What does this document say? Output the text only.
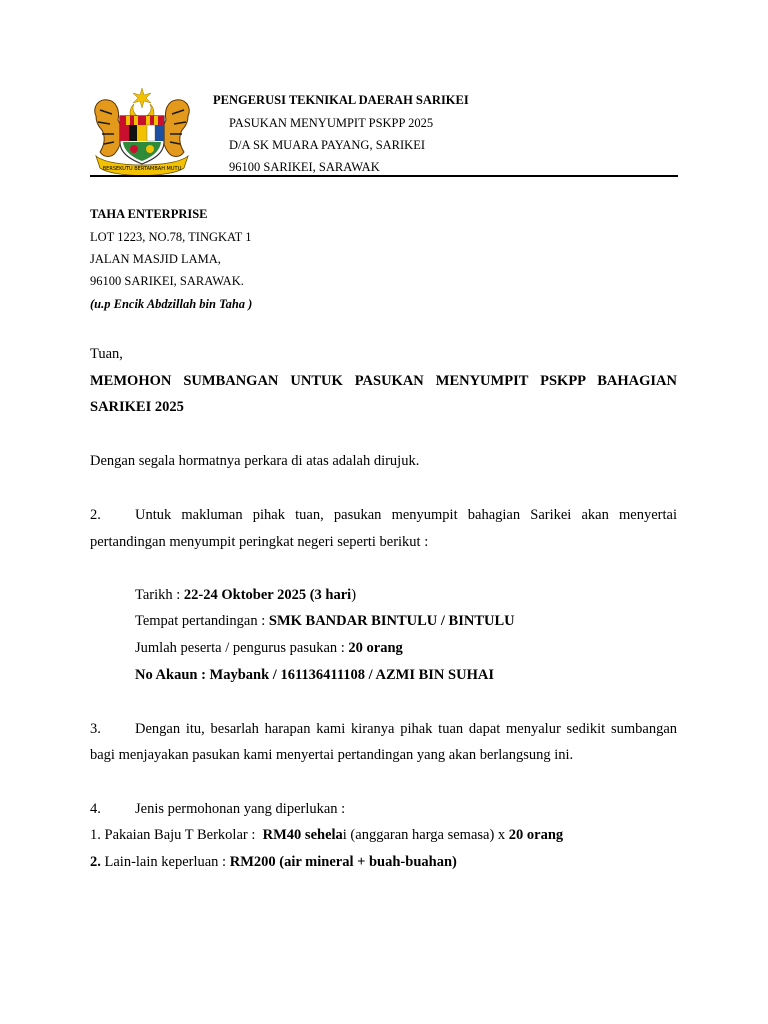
BERSEKUTU BERTAMBAH MUTU
PENGERUSI TEKNIKAL DAERAH SARIKEI
PASUKAN MENYUMPIT PSKPP 2025
D/A SK MUARA PAYANG, SARIKEI
96100 SARIKEI, SARAWAK
TAHA ENTERPRISE
LOT 1223, NO.78, TINGKAT 1
JALAN MASJID LAMA,
96100 SARIKEI, SARAWAK.
(u.p Encik Abdzillah bin Taha )
Tuan,
MEMOHON SUMBANGAN UNTUK PASUKAN MENYUMPIT PSKPP BAHAGIAN
SARIKEI 2025
Dengan segala hormatnya perkara di atas adalah dirujuk.
2. Untuk makluman pihak tuan, pasukan menyumpit bahagian Sarikei akan menyertai
pertandingan menyumpit peringkat negeri seperti berikut :
Tarikh : 22-24 Oktober 2025 (3 hari)
Tempat pertandingan : SMK BANDAR BINTULU / BINTULU
Jumlah peserta / pengurus pasukan : 20 orang
No Akaun : Maybank / 161136411108 / AZMI BIN SUHAI
3. Dengan itu, besarlah harapan kami kiranya pihak tuan dapat menyalur sedikit sumbangan
bagi menjayakan pasukan kami menyertai pertandingan yang akan berlangsung ini.
4. Jenis permohonan yang diperlukan :
1. Pakaian Baju T Berkolar :  RM40 sehelai (anggaran harga semasa) x 20 orang
2. Lain-lain keperluan : RM200 (air mineral + buah-buahan)
